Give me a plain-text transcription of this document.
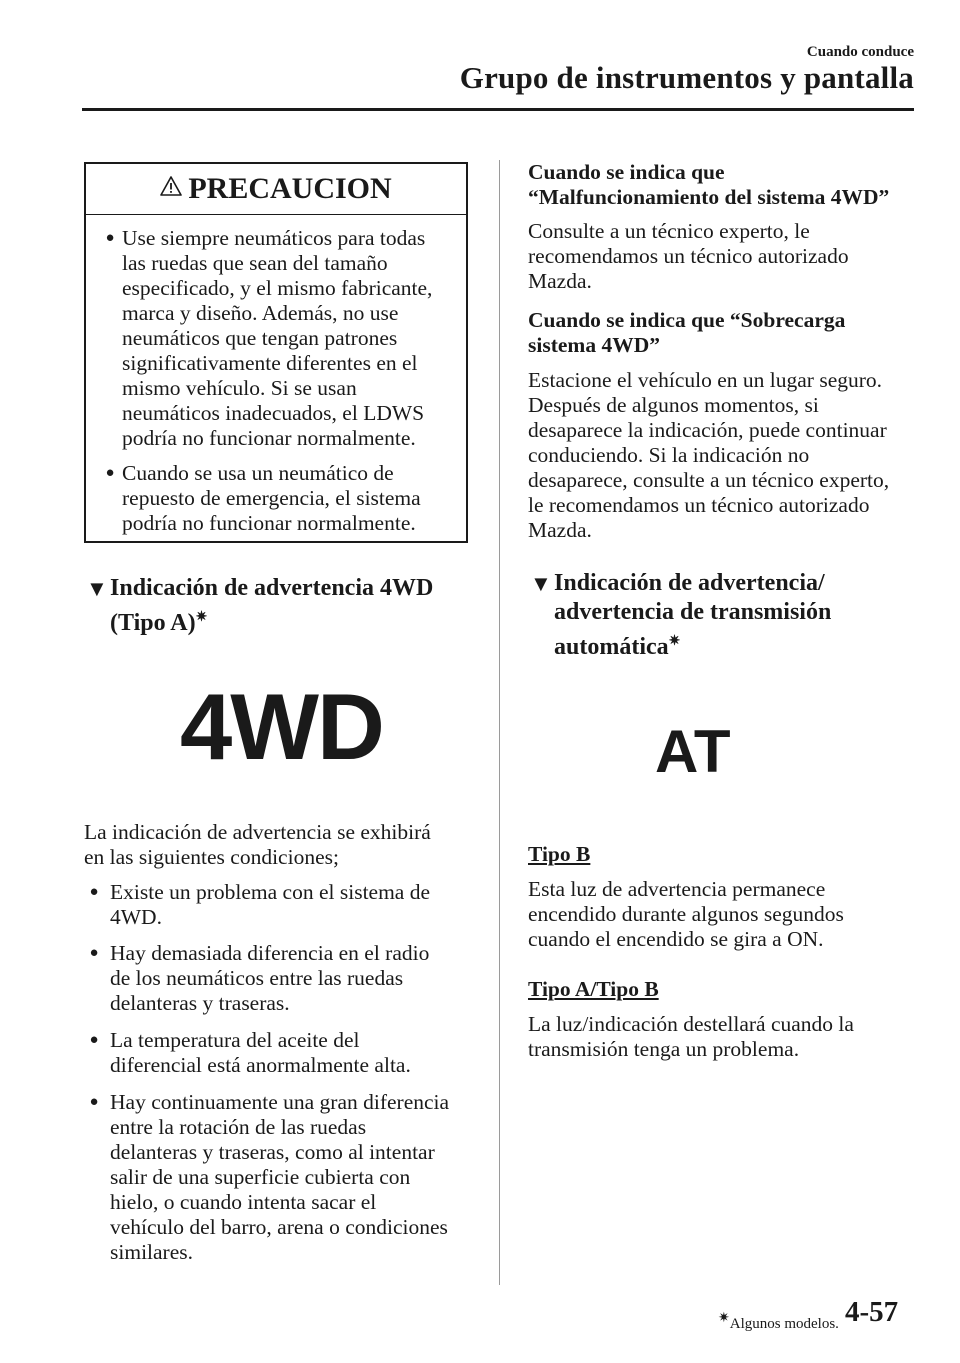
Cuando conduce
Grupo de instrumentos y pantalla
PRECAUCION
● Use siempre neumáticos para todas
las ruedas que sean del tamaño
especificado, y el mismo fabricante,
marca y diseño. Además, no use
neumáticos que tengan patrones
significativamente diferentes en el
mismo vehículo. Si se usan
neumáticos inadecuados, el LDWS
podría no funcionar normalmente.
● Cuando se usa un neumático de
repuesto de emergencia, el sistema
podría no funcionar normalmente.
▼ Indicación de advertencia 4WD
(Tipo A)✷
4WD
La indicación de advertencia se exhibirá
en las siguientes condiciones;
● Existe un problema con el sistema de
4WD.
● Hay demasiada diferencia en el radio
de los neumáticos entre las ruedas
delanteras y traseras.
● La temperatura del aceite del
diferencial está anormalmente alta.
● Hay continuamente una gran diferencia
entre la rotación de las ruedas
delanteras y traseras, como al intentar
salir de una superficie cubierta con
hielo, o cuando intenta sacar el
vehículo del barro, arena o condiciones
similares.
Cuando se indica que
“Malfuncionamiento del sistema 4WD”
Consulte a un técnico experto, le
recomendamos un técnico autorizado
Mazda.
Cuando se indica que “Sobrecarga
sistema 4WD”
Estacione el vehículo en un lugar seguro.
Después de algunos momentos, si
desaparece la indicación, puede continuar
conduciendo. Si la indicación no
desaparece, consulte a un técnico experto,
le recomendamos un técnico autorizado
Mazda.
▼ Indicación de advertencia/
advertencia de transmisión
automática✷
AT
Tipo B
Esta luz de advertencia permanece
encendido durante algunos segundos
cuando el encendido se gira a ON.
Tipo A/Tipo B
La luz/indicación destellará cuando la
transmisión tenga un problema.
✷Algunos modelos. 4-57
